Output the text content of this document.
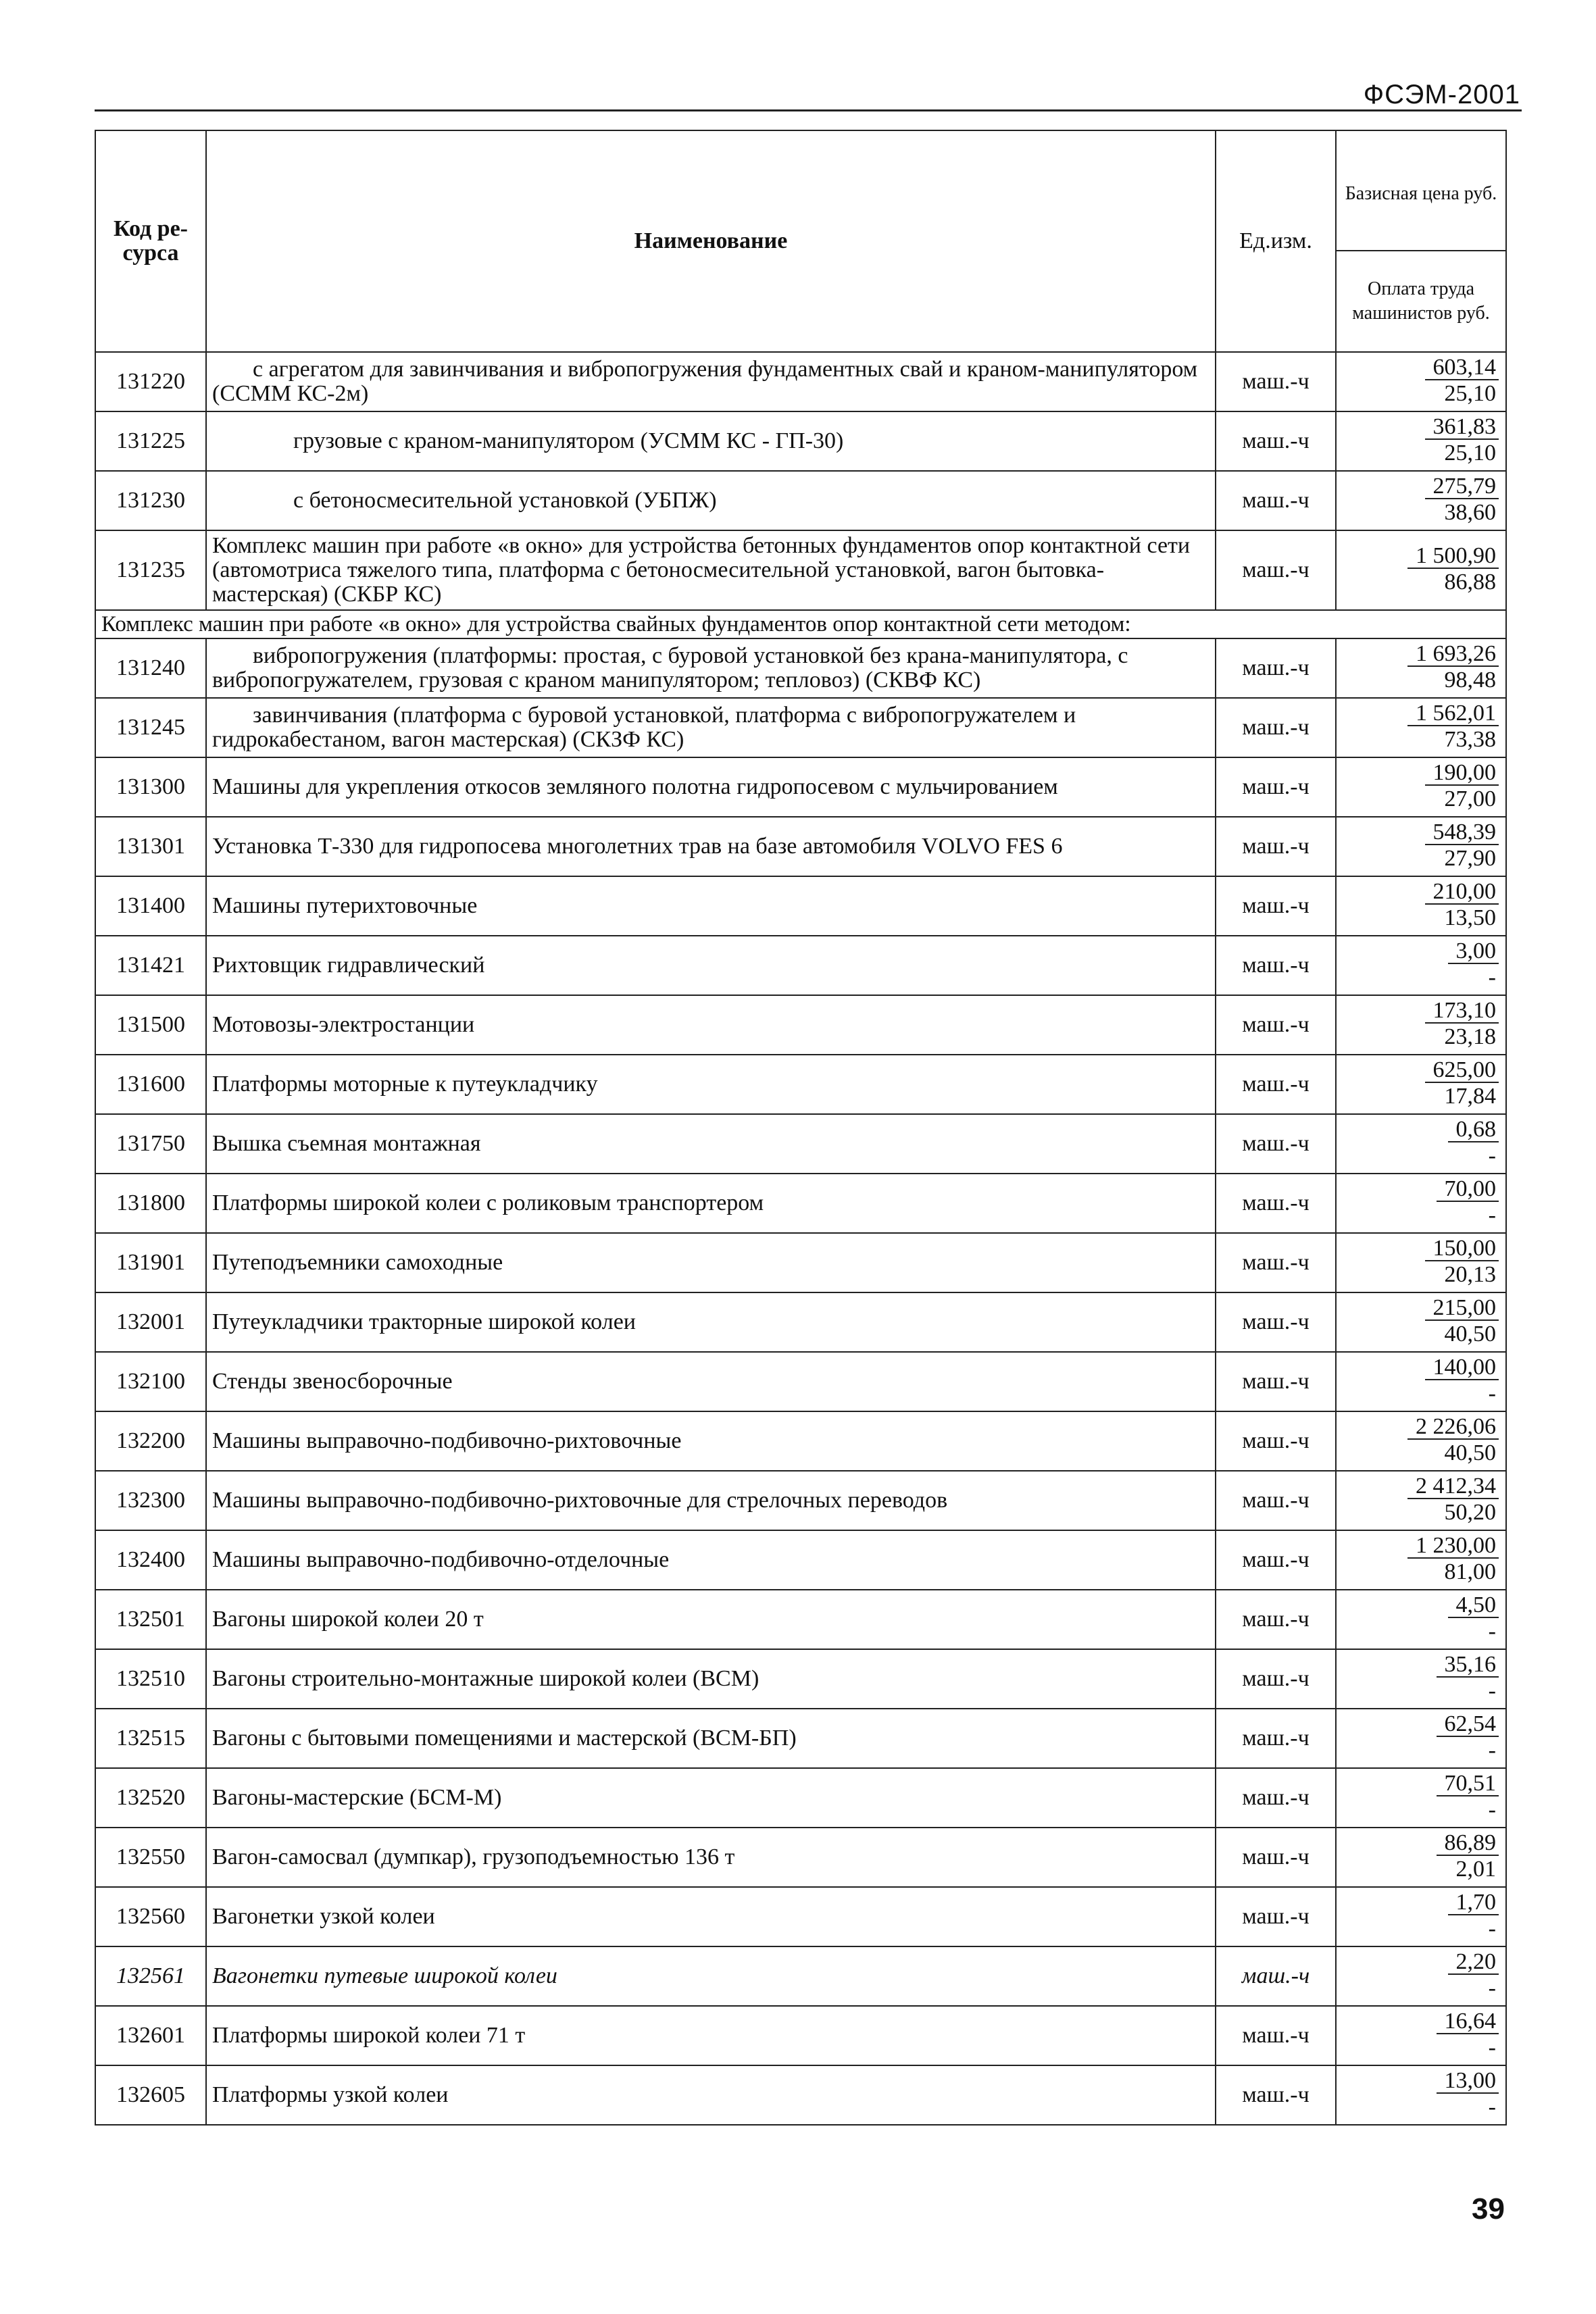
ФСЭМ-2001
Код ре-сурса	Наименование	Ед.изм.	Базисная цена руб.
Оплата труда машинистов руб.

131220	с агрегатом для завинчивания и вибропогружения фундаментных свай и краном-манипулятором (ССММ КС-2м)	маш.-ч	603,14
25,10

131225	грузовые с краном-манипулятором (УСММ КС - ГП-30)	маш.-ч	361,83
25,10

131230	с бетоносмесительной установкой (УБПЖ)	маш.-ч	275,79
38,60

131235	Комплекс машин при работе «в окно» для устройства бетонных фундаментов опор контактной сети (автомотриса тяжелого типа, платформа с бетоносмесительной установкой, вагон бытовка-мастерская) (СКБР КС)	маш.-ч	1 500,90
86,88

Комплекс машин при работе «в окно» для устройства свайных фундаментов опор контактной сети методом:			
131240	вибропогружения (платформы: простая, с буровой установкой без крана-манипулятора, с вибропогружателем, грузовая с краном манипулятором; тепловоз) (СКВФ КС)	маш.-ч	1 693,26
98,48

131245	завинчивания (платформа с буровой установкой, платформа с вибропогружателем и гидрокабестаном, вагон мастерская) (СКЗФ КС)	маш.-ч	1 562,01
73,38

131300	Машины для укрепления откосов земляного полотна гидропосевом с мульчированием	маш.-ч	190,00
27,00

131301	Установка Т-330 для гидропосева многолетних трав на базе автомобиля VOLVO FES 6	маш.-ч	548,39
27,90

131400	Машины путерихтовочные	маш.-ч	210,00
13,50

131421	Рихтовщик гидравлический	маш.-ч	3,00
-

131500	Мотовозы-электростанции	маш.-ч	173,10
23,18

131600	Платформы моторные к путеукладчику	маш.-ч	625,00
17,84

131750	Вышка съемная монтажная	маш.-ч	0,68
-

131800	Платформы широкой колеи с роликовым транспортером	маш.-ч	70,00
-

131901	Путеподъемники самоходные	маш.-ч	150,00
20,13

132001	Путеукладчики тракторные широкой колеи	маш.-ч	215,00
40,50

132100	Стенды звеносборочные	маш.-ч	140,00
-

132200	Машины выправочно-подбивочно-рихтовочные	маш.-ч	2 226,06
40,50

132300	Машины выправочно-подбивочно-рихтовочные для стрелочных переводов	маш.-ч	2 412,34
50,20

132400	Машины выправочно-подбивочно-отделочные	маш.-ч	1 230,00
81,00

132501	Вагоны широкой колеи 20 т	маш.-ч	4,50
-

132510	Вагоны строительно-монтажные широкой колеи (ВСМ)	маш.-ч	35,16
-

132515	Вагоны с бытовыми помещениями и мастерской (ВСМ-БП)	маш.-ч	62,54
-

132520	Вагоны-мастерские (БСМ-М)	маш.-ч	70,51
-

132550	Вагон-самосвал (думпкар), грузоподъемностью 136 т	маш.-ч	86,89
2,01

132560	Вагонетки узкой колеи	маш.-ч	1,70
-

132561	Вагонетки путевые широкой колеи	маш.-ч	2,20
-

132601	Платформы широкой колеи 71 т	маш.-ч	16,64
-

132605	Платформы узкой колеи	маш.-ч	13,00
-
39
